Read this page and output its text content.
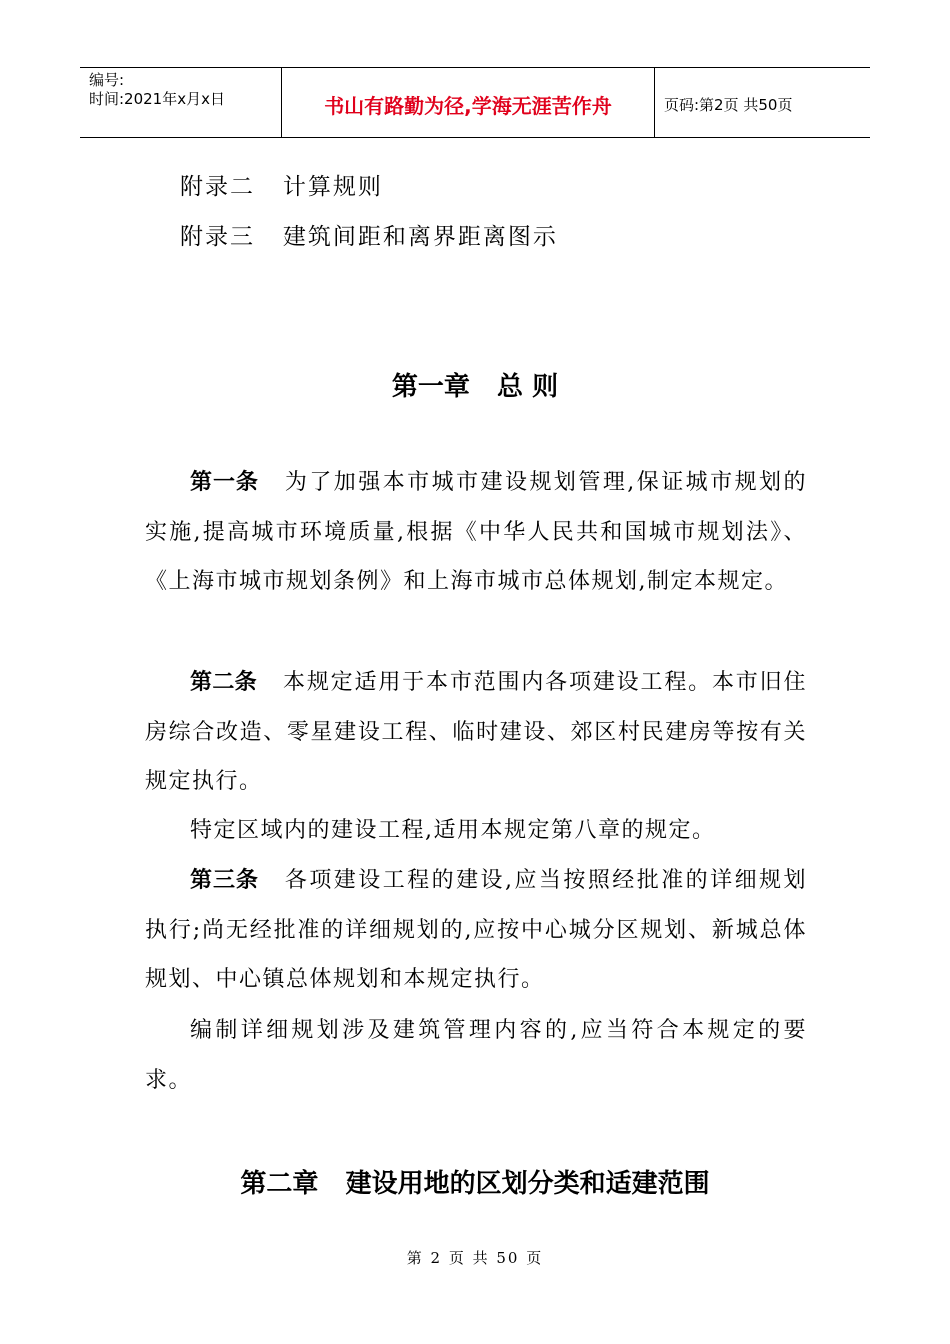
编号:
时间:2021年x月x日	书山有路勤为径,学海无涯苦作舟	页码:第2页 共50页
附录二   计算规则
附录三   建筑间距和离界距离图示
第一章   总 则
第一条 为了加强本市城市建设规划管理,保证城市规划的实施,提高城市环境质量,根据《中华人民共和国城市规划法》、《上海市城市规划条例》和上海市城市总体规划,制定本规定。
第二条 本规定适用于本市范围内各项建设工程。本市旧住房综合改造、零星建设工程、临时建设、郊区村民建房等按有关规定执行。
特定区域内的建设工程,适用本规定第八章的规定。
第三条 各项建设工程的建设,应当按照经批准的详细规划执行;尚无经批准的详细规划的,应按中心城分区规划、新城总体规划、中心镇总体规划和本规定执行。
编制详细规划涉及建筑管理内容的,应当符合本规定的要求。
第二章   建设用地的区划分类和适建范围
第 2 页 共 50 页
